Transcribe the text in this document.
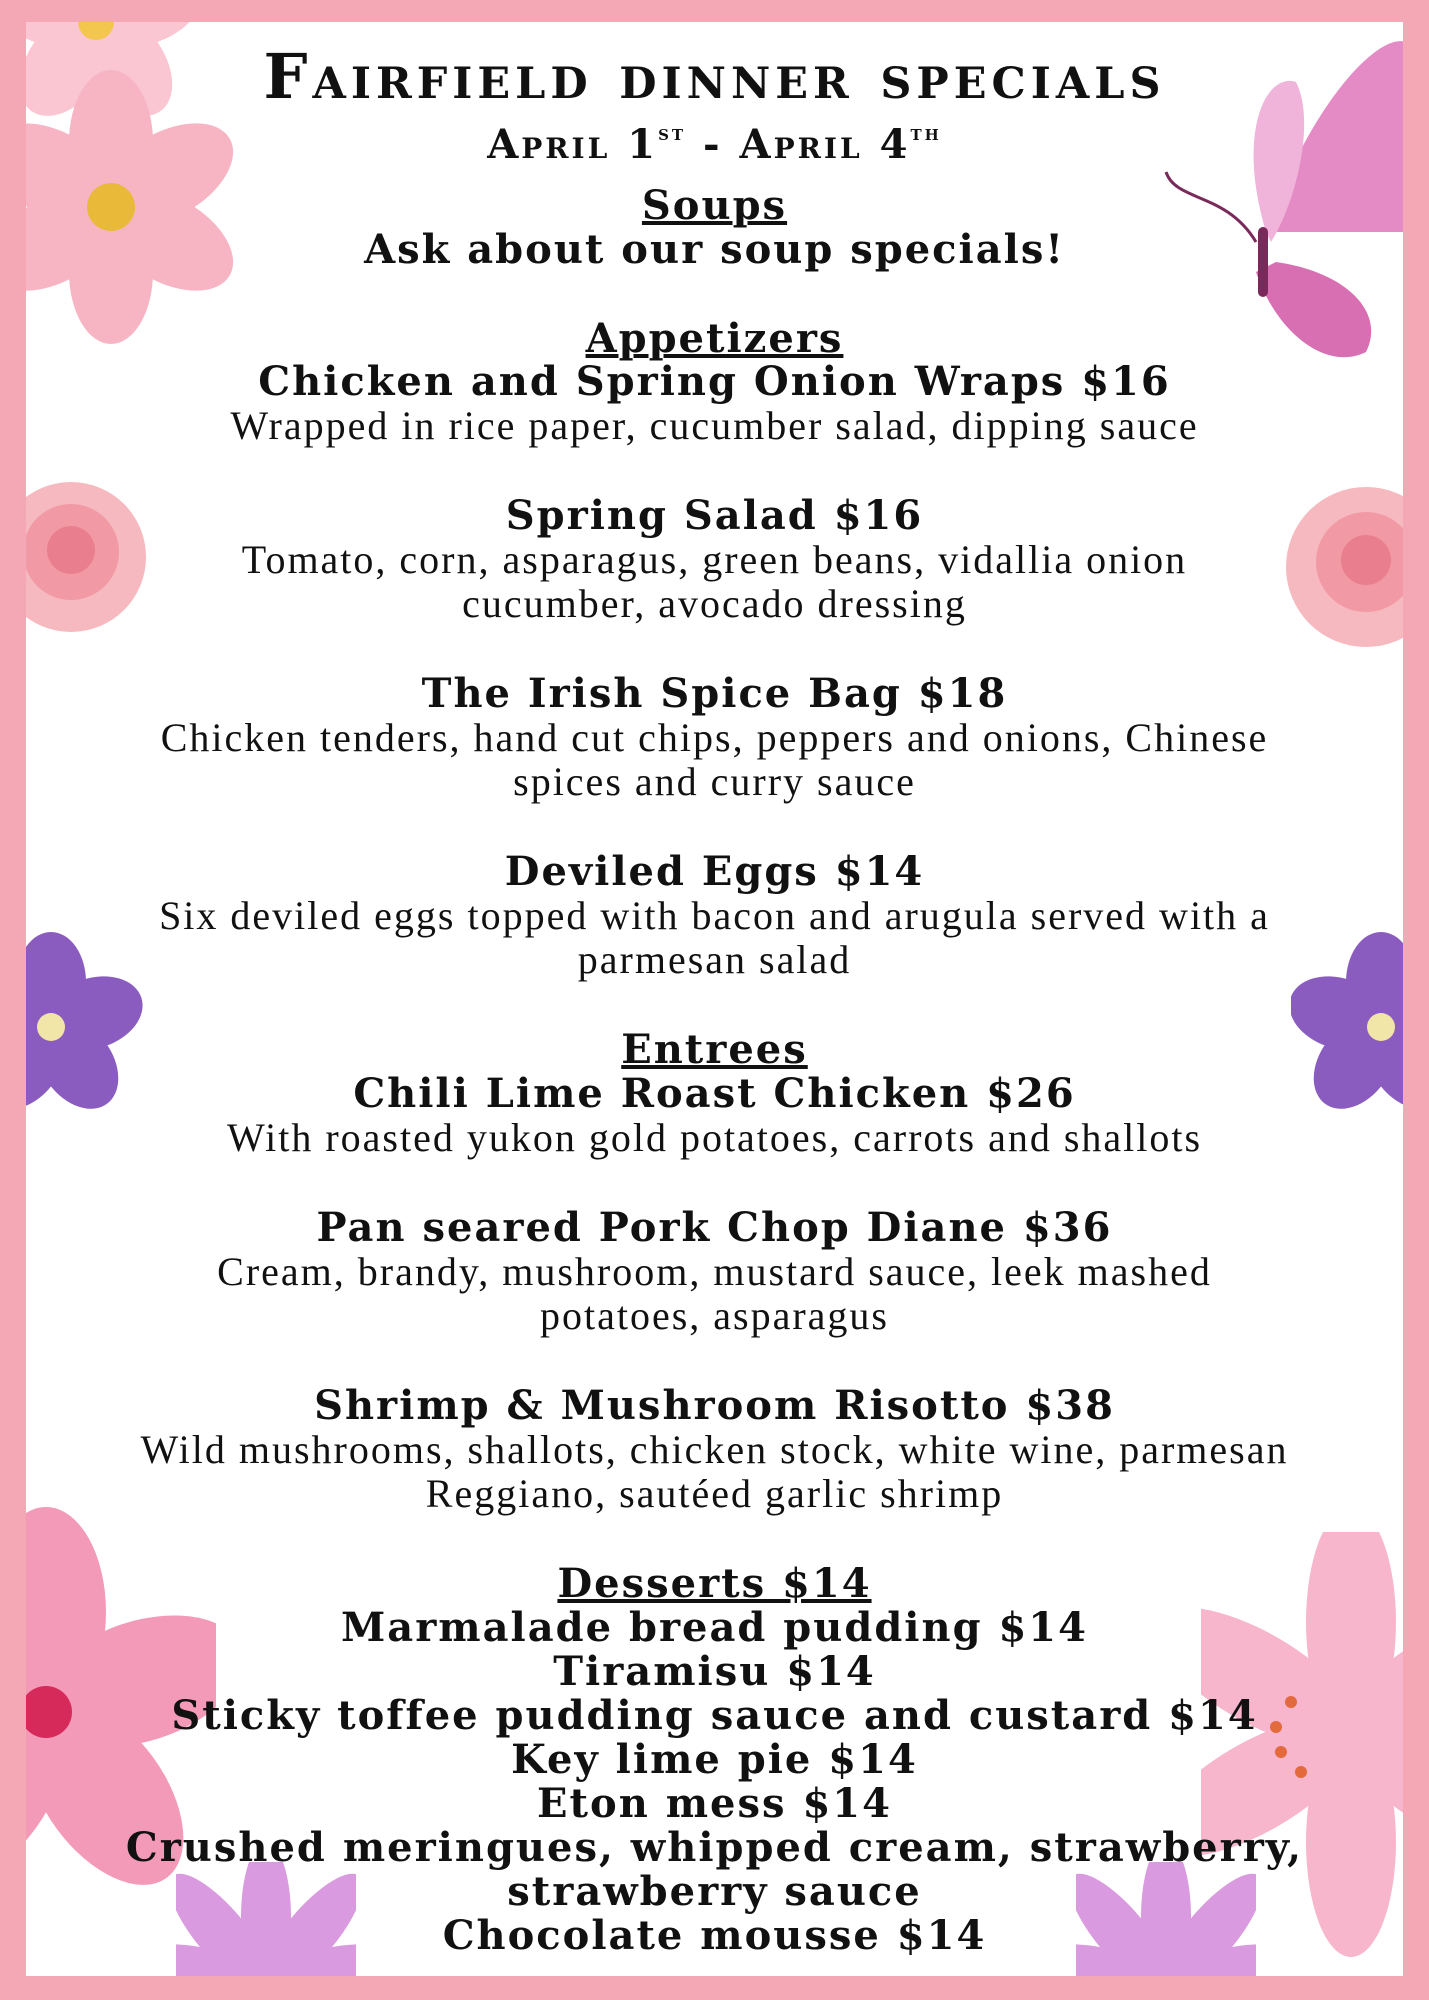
Fairfield dinner specials
April 1st - April 4th
Soups
Ask about our soup specials!
Appetizers
Chicken and Spring Onion Wraps $16
Wrapped in rice paper, cucumber salad, dipping sauce
Spring Salad $16
Tomato, corn, asparagus, green beans, vidallia onion
cucumber, avocado dressing
The Irish Spice Bag $18
Chicken tenders, hand cut chips, peppers and onions, Chinese
spices and curry sauce
Deviled Eggs $14
Six deviled eggs topped with bacon and arugula served with a
parmesan salad
Entrees
Chili Lime Roast Chicken $26
With roasted yukon gold potatoes, carrots and shallots
Pan seared Pork Chop Diane $36
Cream, brandy, mushroom, mustard sauce, leek mashed
potatoes, asparagus
Shrimp & Mushroom Risotto $38
Wild mushrooms, shallots, chicken stock, white wine, parmesan
Reggiano, sautéed garlic shrimp
Desserts $14
Marmalade bread pudding $14
Tiramisu $14
Sticky toffee pudding sauce and custard $14
Key lime pie $14
Eton mess $14
Crushed meringues, whipped cream, strawberry,
strawberry sauce
Chocolate mousse $14
